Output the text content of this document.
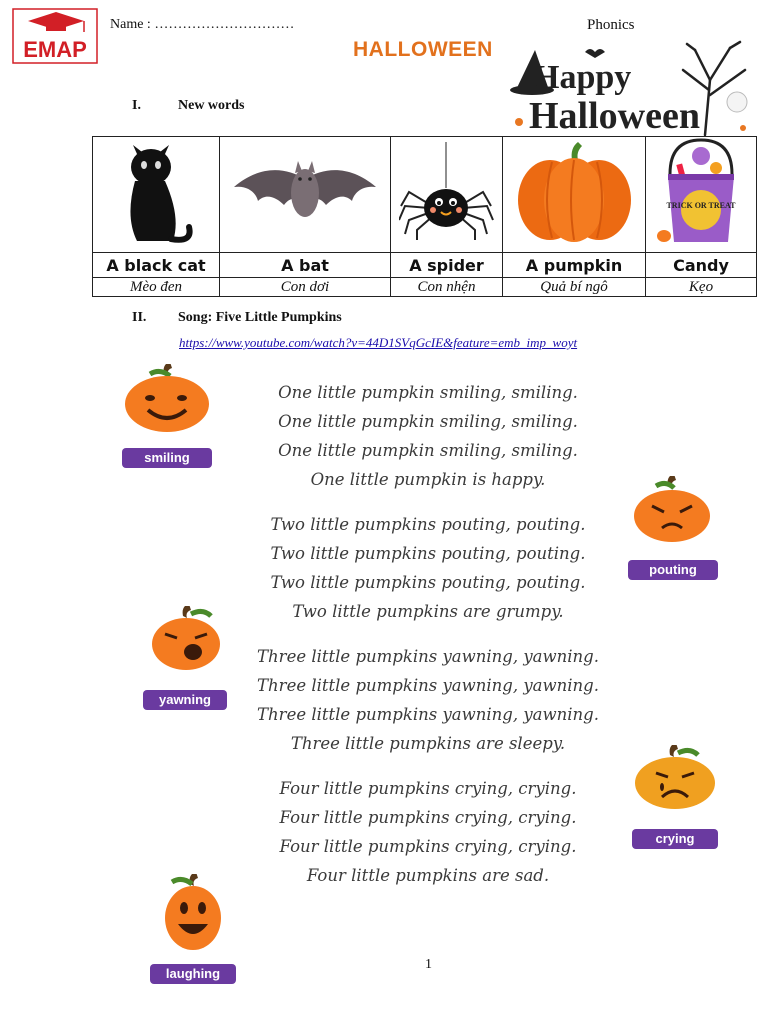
EMAP
Name : …………………………	Phonics
HALLOWEEN
Happy
Halloween
I.	New words

TRICK OR TREAT

A black cat	A bat	A spider	A pumpkin	Candy
Mèo đen	Con dơi	Con nhện	Quả bí ngô	Kẹo
II. Song: Five Little Pumpkins
https://www.youtube.com/watch?v=44D1SVqGcIE&feature=emb_imp_woyt
One little pumpkin smiling, smiling.
One little pumpkin smiling, smiling.
One little pumpkin smiling, smiling.
One little pumpkin is happy.
Two little pumpkins pouting, pouting.
Two little pumpkins pouting, pouting.
Two little pumpkins pouting, pouting.
Two little pumpkins are grumpy.
Three little pumpkins yawning, yawning.
Three little pumpkins yawning, yawning.
Three little pumpkins yawning, yawning.
Three little pumpkins are sleepy.
Four little pumpkins crying, crying.
Four little pumpkins crying, crying.
Four little pumpkins crying, crying.
Four little pumpkins are sad.
smiling
pouting
yawning
crying
laughing
1
